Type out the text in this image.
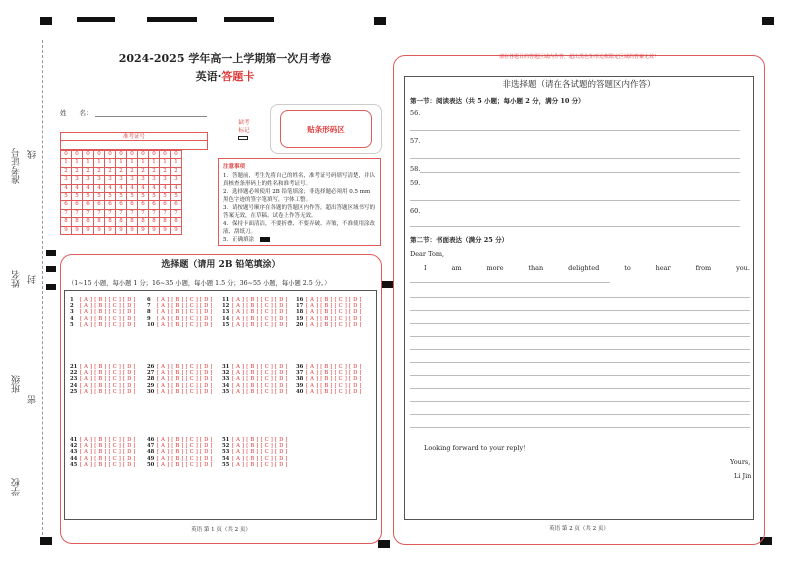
准考证号 线
姓名 封
班级
密
学校
2024-2025 学年高一上学期第一次月考卷
英语·答题卡
姓　　名：
准考证号
0	0	0	0	0	0	0	0	0	0	0
1	1	1	1	1	1	1	1	1	1	1
2	2	2	2	2	2	2	2	2	2	2
3	3	3	3	3	3	3	3	3	3	3
4	4	4	4	4	4	4	4	4	4	4
5	5	5	5	5	5	5	5	5	5	5
6	6	6	6	6	6	6	6	6	6	6
7	7	7	7	7	7	7	7	7	7	7
8	8	8	8	8	8	8	8	8	8	8
9	9	9	9	9	9	9	9	9	9	9
缺考
标记	贴条形码区
注意事项
1．答题前，考生先将自己的姓名，准考证号码填写清楚，并认真核查条形码上的姓名和准考证号。
2．选择题必须使用 2B 铅笔填涂；非选择题必须用 0.5 mm 黑色字迹的签字笔填写，字体工整。
3．请按题号顺序在各题的答题区内作答，超出答题区域书写的答案无效，在草稿、试卷上作答无效。
4．保持卡面清洁，不要折叠、不要弄破、弄皱，不准使用涂改液、刮纸刀。
5．正确填涂
选择题（请用 2B 铅笔填涂）
（1~15 小题，每小题 1 分；16~35 小题，每小题 1.5 分；36~55 小题，每小题 2.5 分。）
1 [ A ] [ B ] [ C ] [ D ]
2 [ A ] [ B ] [ C ] [ D ]
3 [ A ] [ B ] [ C ] [ D ]
4 [ A ] [ B ] [ C ] [ D ]
5 [ A ] [ B ] [ C ] [ D ]
6 [ A ] [ B ] [ C ] [ D ]
7 [ A ] [ B ] [ C ] [ D ]
8 [ A ] [ B ] [ C ] [ D ]
9 [ A ] [ B ] [ C ] [ D ]
10 [ A ] [ B ] [ C ] [ D ]
11 [ A ] [ B ] [ C ] [ D ]
12 [ A ] [ B ] [ C ] [ D ]
13 [ A ] [ B ] [ C ] [ D ]
14 [ A ] [ B ] [ C ] [ D ]
15 [ A ] [ B ] [ C ] [ D ]
16 [ A ] [ B ] [ C ] [ D ]
17 [ A ] [ B ] [ C ] [ D ]
18 [ A ] [ B ] [ C ] [ D ]
19 [ A ] [ B ] [ C ] [ D ]
20 [ A ] [ B ] [ C ] [ D ]
21 [ A ] [ B ] [ C ] [ D ]
22 [ A ] [ B ] [ C ] [ D ]
23 [ A ] [ B ] [ C ] [ D ]
24 [ A ] [ B ] [ C ] [ D ]
25 [ A ] [ B ] [ C ] [ D ]
26 [ A ] [ B ] [ C ] [ D ]
27 [ A ] [ B ] [ C ] [ D ]
28 [ A ] [ B ] [ C ] [ D ]
29 [ A ] [ B ] [ C ] [ D ]
30 [ A ] [ B ] [ C ] [ D ]
31 [ A ] [ B ] [ C ] [ D ]
32 [ A ] [ B ] [ C ] [ D ]
33 [ A ] [ B ] [ C ] [ D ]
34 [ A ] [ B ] [ C ] [ D ]
35 [ A ] [ B ] [ C ] [ D ]
36 [ A ] [ B ] [ C ] [ D ]
37 [ A ] [ B ] [ C ] [ D ]
38 [ A ] [ B ] [ C ] [ D ]
39 [ A ] [ B ] [ C ] [ D ]
40 [ A ] [ B ] [ C ] [ D ]
41 [ A ] [ B ] [ C ] [ D ]
42 [ A ] [ B ] [ C ] [ D ]
43 [ A ] [ B ] [ C ] [ D ]
44 [ A ] [ B ] [ C ] [ D ]
45 [ A ] [ B ] [ C ] [ D ]
46 [ A ] [ B ] [ C ] [ D ]
47 [ A ] [ B ] [ C ] [ D ]
48 [ A ] [ B ] [ C ] [ D ]
49 [ A ] [ B ] [ C ] [ D ]
50 [ A ] [ B ] [ C ] [ D ]
51 [ A ] [ B ] [ C ] [ D ]
52 [ A ] [ B ] [ C ] [ D ]
53 [ A ] [ B ] [ C ] [ D ]
54 [ A ] [ B ] [ C ] [ D ]
55 [ A ] [ B ] [ C ] [ D ]
英语 第 1 页（共 2 页）
请在各题目的答题区域内作答，超出黑色矩形边框限定区域的答案无效！
非选择题（请在各试题的答题区内作答）
第一节：阅读表达（共 5 小题；每小题 2 分，满分 10 分）
56.
57.
58.
59.
60.
第二节：书面表达（满分 25 分）
Dear Tom,
I	am	more	than	delighted	to	hear	from	you.
Looking forward to your reply！
Yours,
Li Jin
英语 第 2 页（共 2 页）
